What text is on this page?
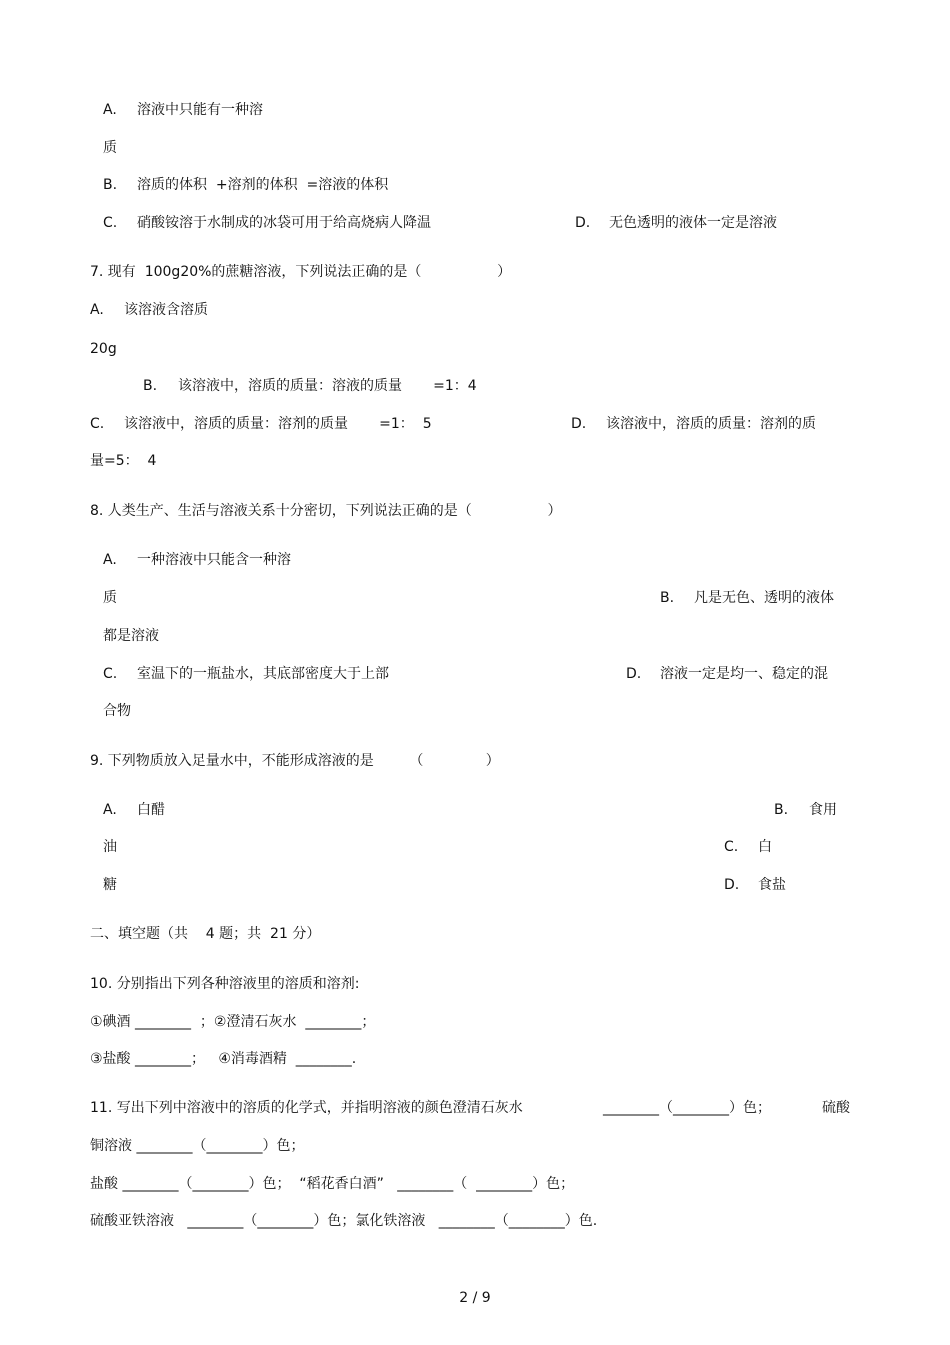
A. 溶液中只能有一种溶
质
B. 溶质的体积  +溶剂的体积  =溶液的体积
C. 硝酸铵溶于水制成的冰袋可用于给高烧病人降温	D. 无色透明的液体一定是溶液
7. 现有  100g20%的蔗糖溶液，下列说法正确的是（                 ）
A. 该溶液含溶质
20g
B. 该溶液中，溶质的质量：溶液的质量       =1：4
C. 该溶液中，溶质的质量：溶剂的质量       =1：  5	D. 该溶液中，溶质的质量：溶剂的质
量=5：  4
8. 人类生产、生活与溶液关系十分密切，下列说法正确的是（                 ）
A. 一种溶液中只能含一种溶
质	B. 凡是无色、透明的液体
都是溶液
C. 室温下的一瓶盐水，其底部密度大于上部	D. 溶液一定是均一、稳定的混
合物
9. 下列物质放入足量水中，不能形成溶液的是        （              ）
A. 白醋	B. 食用
油	C. 白
糖	D. 食盐
二、填空题（共    4 题；共  21 分）
10. 分别指出下列各种溶液里的溶质和溶剂:
①碘酒 ________  ；②澄清石灰水  ________；
③盐酸 ________；   ④消毒酒精  ________.
11. 写出下列中溶液中的溶质的化学式，并指明溶液的颜色澄清石灰水	________（________）色；	硫酸
铜溶液 ________（________）色；
盐酸 ________（________）色；  “稻花香白酒”   ________（  ________）色；
硫酸亚铁溶液   ________（________）色；氯化铁溶液   ________（________）色.
2 / 9
